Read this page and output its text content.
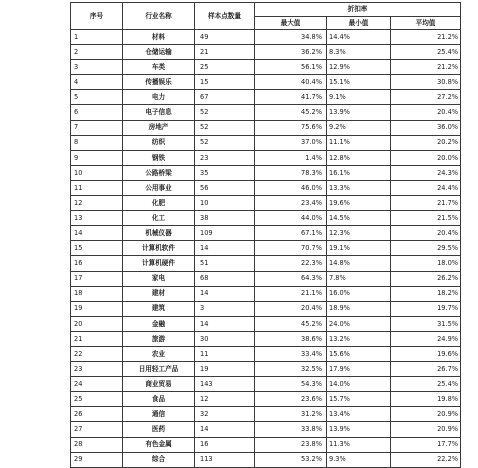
序号	行业名称	样本点数量	折扣率		
			最大值	最小值	平均值
1	材料	49	34.8%	14.4%	21.2%
2	仓储运输	21	36.2%	8.3%	25.4%
3	车类	25	56.1%	12.9%	21.2%
4	传播娱乐	15	40.4%	15.1%	30.8%
5	电力	67	41.7%	9.1%	27.2%
6	电子信息	52	45.2%	13.9%	20.4%
7	房地产	52	75.6%	9.2%	36.0%
8	纺织	52	37.0%	11.1%	20.2%
9	钢铁	23	1.4%	12.8%	20.0%
10	公路桥梁	35	78.3%	16.1%	24.3%
11	公用事业	56	46.0%	13.3%	24.4%
12	化肥	10	23.4%	19.6%	21.7%
13	化工	38	44.0%	14.5%	21.5%
14	机械仪器	109	67.1%	12.3%	20.4%
15	计算机软件	14	70.7%	19.1%	29.5%
16	计算机硬件	51	22.3%	14.8%	18.0%
17	家电	68	64.3%	7.8%	26.2%
18	建材	14	21.1%	16.0%	18.2%
19	建筑	3	20.4%	18.9%	19.7%
20	金融	14	45.2%	24.0%	31.5%
21	旅游	30	38.6%	13.2%	24.9%
22	农业	11	33.4%	15.6%	19.6%
23	日用轻工产品	19	32.5%	17.9%	26.7%
24	商业贸易	143	54.3%	14.0%	25.4%
25	食品	12	23.6%	15.7%	19.8%
26	通信	32	31.2%	13.4%	20.9%
27	医药	14	33.8%	13.9%	20.9%
28	有色金属	16	23.8%	11.3%	17.7%
29	综合	113	53.2%	9.3%	22.2%
